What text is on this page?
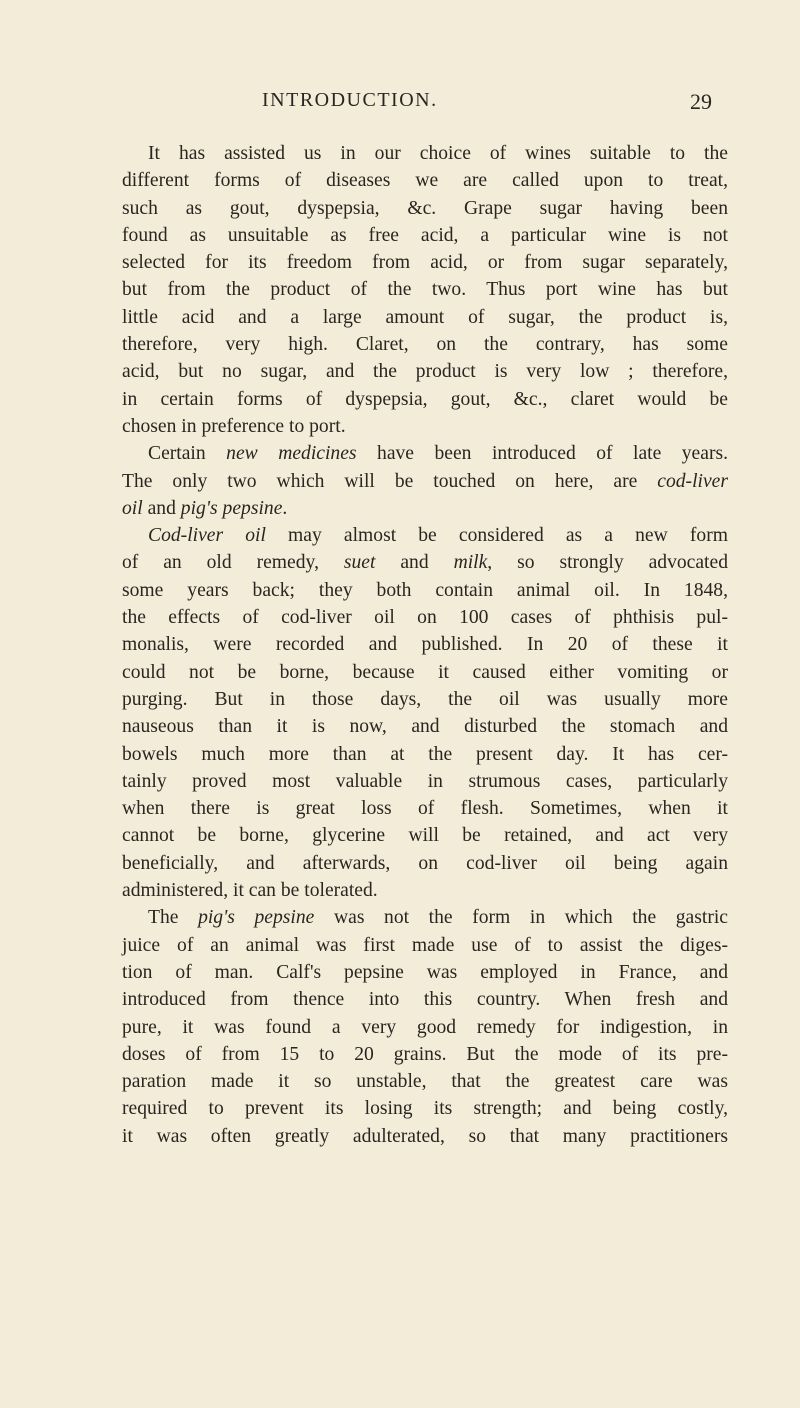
INTRODUCTION.	29
It has assisted us in our choice of wines suitable to the
different forms of diseases we are called upon to treat,
such as gout, dyspepsia, &c. Grape sugar having been
found as unsuitable as free acid, a particular wine is not
selected for its freedom from acid, or from sugar separately,
but from the product of the two. Thus port wine has but
little acid and a large amount of sugar, the product is,
therefore, very high. Claret, on the contrary, has some
acid, but no sugar, and the product is very low ; therefore,
in certain forms of dyspepsia, gout, &c., claret would be
chosen in preference to port.
Certain new medicines have been introduced of late years.
The only two which will be touched on here, are cod-liver
oil and pig's pepsine.
Cod-liver oil may almost be considered as a new form
of an old remedy, suet and milk, so strongly advocated
some years back; they both contain animal oil. In 1848,
the effects of cod-liver oil on 100 cases of phthisis pul-
monalis, were recorded and published. In 20 of these it
could not be borne, because it caused either vomiting or
purging. But in those days, the oil was usually more
nauseous than it is now, and disturbed the stomach and
bowels much more than at the present day. It has cer-
tainly proved most valuable in strumous cases, particularly
when there is great loss of flesh. Sometimes, when it
cannot be borne, glycerine will be retained, and act very
beneficially, and afterwards, on cod-liver oil being again
administered, it can be tolerated.
The pig's pepsine was not the form in which the gastric
juice of an animal was first made use of to assist the diges-
tion of man. Calf's pepsine was employed in France, and
introduced from thence into this country. When fresh and
pure, it was found a very good remedy for indigestion, in
doses of from 15 to 20 grains. But the mode of its pre-
paration made it so unstable, that the greatest care was
required to prevent its losing its strength; and being costly,
it was often greatly adulterated, so that many practitioners
